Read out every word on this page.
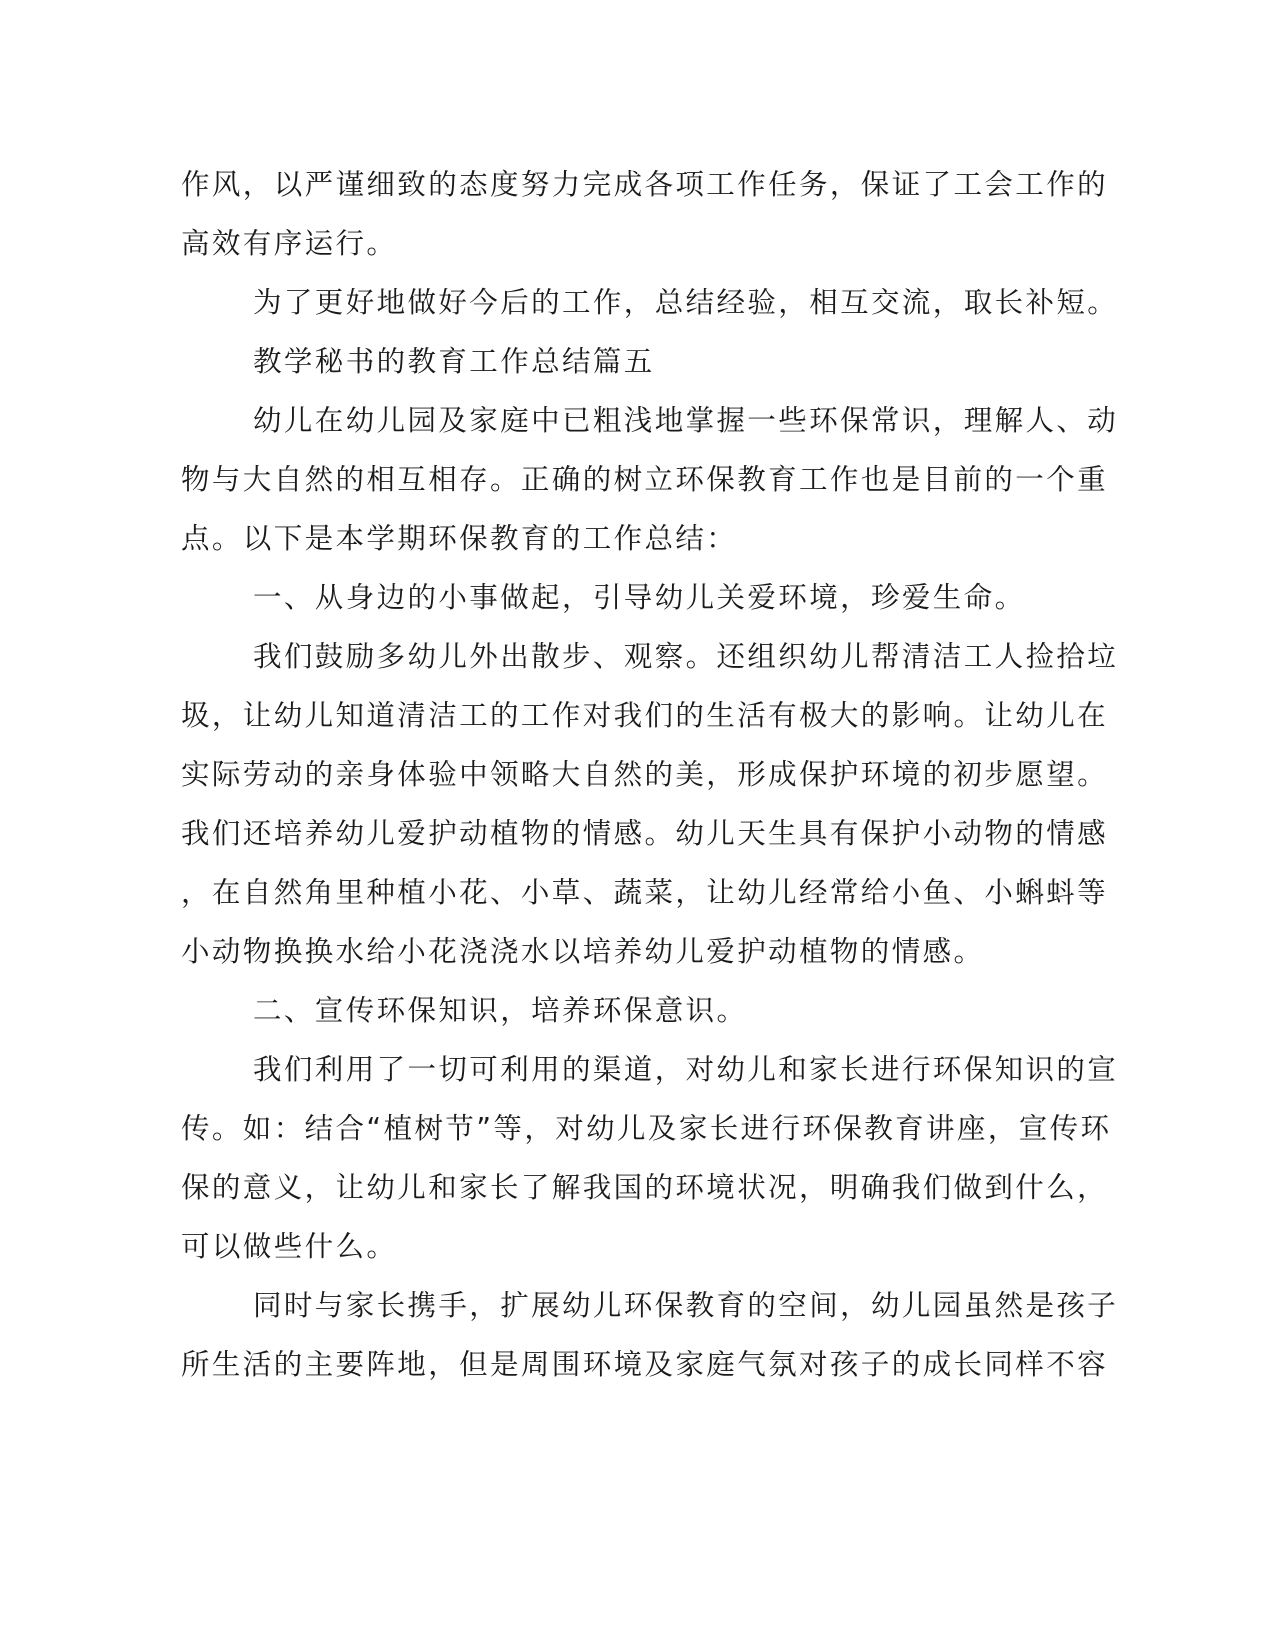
作风，以严谨细致的态度努力完成各项工作任务，保证了工会工作的
高效有序运行。
为了更好地做好今后的工作，总结经验，相互交流，取长补短。
教学秘书的教育工作总结篇五
幼儿在幼儿园及家庭中已粗浅地掌握一些环保常识，理解人、动
物与大自然的相互相存。正确的树立环保教育工作也是目前的一个重
点。以下是本学期环保教育的工作总结：
一、从身边的小事做起，引导幼儿关爱环境，珍爱生命。
我们鼓励多幼儿外出散步、观察。还组织幼儿帮清洁工人捡拾垃
圾，让幼儿知道清洁工的工作对我们的生活有极大的影响。让幼儿在
实际劳动的亲身体验中领略大自然的美，形成保护环境的初步愿望。
我们还培养幼儿爱护动植物的情感。幼儿天生具有保护小动物的情感
，在自然角里种植小花、小草、蔬菜，让幼儿经常给小鱼、小蝌蚪等
小动物换换水给小花浇浇水以培养幼儿爱护动植物的情感。
二、宣传环保知识，培养环保意识。
我们利用了一切可利用的渠道，对幼儿和家长进行环保知识的宣
传。如：结合“植树节”等，对幼儿及家长进行环保教育讲座，宣传环
保的意义，让幼儿和家长了解我国的环境状况，明确我们做到什么，
可以做些什么。
同时与家长携手，扩展幼儿环保教育的空间，幼儿园虽然是孩子
所生活的主要阵地，但是周围环境及家庭气氛对孩子的成长同样不容
